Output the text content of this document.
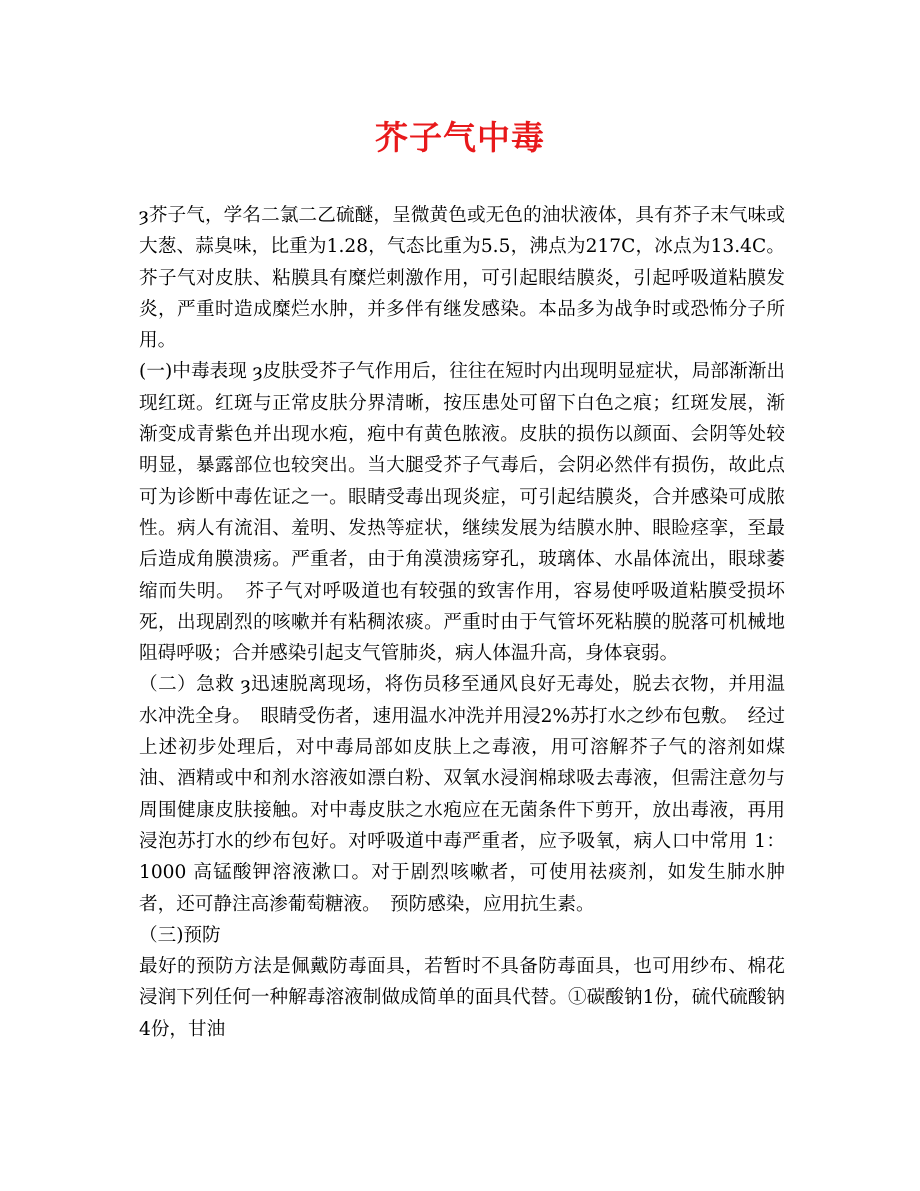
芥子气中毒

ȝ芥子气，学名二氯二乙硫醚，呈微黄色或无色的油状液体，具有芥子末气味或大葱、蒜臭味，比重为1.28，气态比重为5.5，沸点为217C，冰点为13.4C。芥子气对皮肤、粘膜具有糜烂刺激作用，可引起眼结膜炎，引起呼吸道粘膜发炎，严重时造成糜烂水肿，并多伴有继发感染。本品多为战争时或恐怖分子所用。

(一)中毒表现 ȝ皮肤受芥子气作用后，往往在短时内出现明显症状，局部渐渐出现红斑。红斑与正常皮肤分界清晰，按压患处可留下白色之痕；红斑发展，渐渐变成青紫色并出现水疱，疱中有黄色脓液。皮肤的损伤以颜面、会阴等处较明显，暴露部位也较突出。当大腿受芥子气毒后，会阴必然伴有损伤，故此点可为诊断中毒佐证之一。眼睛受毒出现炎症，可引起结膜炎，合并感染可成脓性。病人有流泪、羞明、发热等症状，继续发展为结膜水肿、眼睑痉挛，至最后造成角膜溃疡。严重者，由于角漠溃疡穿孔，玻璃体、水晶体流出，眼球萎缩而失明。　芥子气对呼吸道也有较强的致害作用，容易使呼吸道粘膜受损坏死，出现剧烈的咳嗽并有粘稠浓痰。严重时由于气管坏死粘膜的脱落可机械地阻碍呼吸；合并感染引起支气管肺炎，病人体温升高，身体衰弱。

（二）急救 ȝ迅速脱离现场，将伤员移至通风良好无毒处，脱去衣物，并用温水冲洗全身。　眼睛受伤者，速用温水冲洗并用浸2%苏打水之纱布包敷。　经过上述初步处理后，对中毒局部如皮肤上之毒液，用可溶解芥子气的溶剂如煤油、酒精或中和剂水溶液如漂白粉、双氧水浸润棉球吸去毒液，但需注意勿与周围健康皮肤接触。对中毒皮肤之水疱应在无菌条件下剪开，放出毒液，再用浸泡苏打水的纱布包好。对呼吸道中毒严重者，应予吸氧，病人口中常用 1：1000 高锰酸钾溶液漱口。对于剧烈咳嗽者，可使用祛痰剂，如发生肺水肿者，还可静注高渗葡萄糖液。　预防感染，应用抗生素。

（三)预防

最好的预防方法是佩戴防毒面具，若暂时不具备防毒面具，也可用纱布、棉花浸润下列任何一种解毒溶液制做成简单的面具代替。①碳酸钠1份，硫代硫酸钠4份，甘油
